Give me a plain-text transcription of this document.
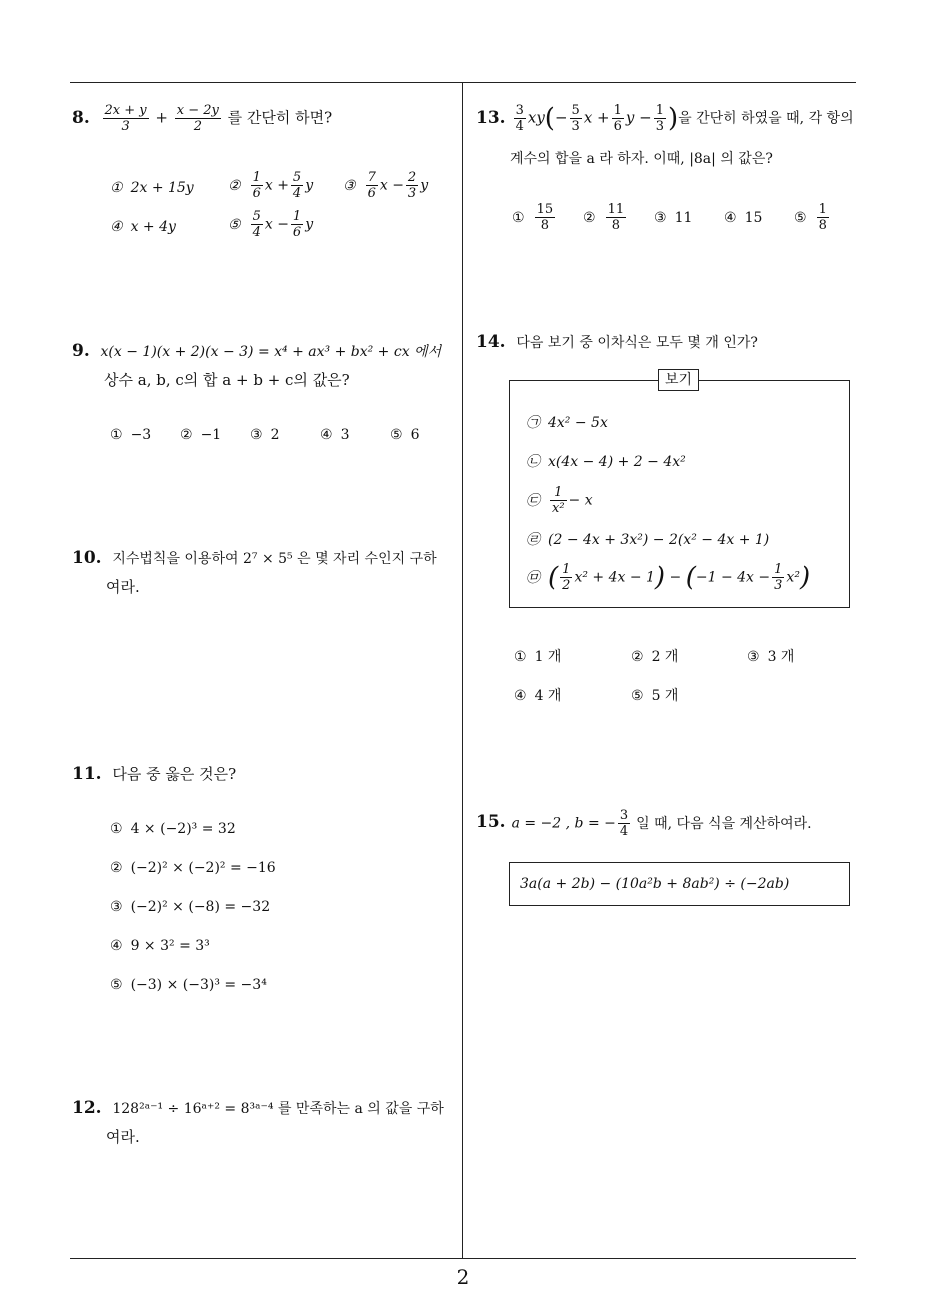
8. $\frac{2x + y}{3} + \frac{x - 2y}{2}$ 를 간단히 하면?
① 2x + 15y ② $\frac{1}{6}$ $x + \frac{5}{4}$ y ③ $\frac{7}{6}$ $x - \frac{2}{3}$ y
④ x + 4y	⑤ $\frac{5}{4}$ $x - \frac{1}{6}$ y
9. x(x − 1)(x + 2)(x − 3) = x⁴ + ax³ + bx² + cx 에서
상수 a, b, c의 합 a + b + c의 값은?
① −3 ② −1 ③ 2	④ 3	⑤ 6
10. 지수법칙을 이용하여 2⁷ × 5⁵ 은 몇 자리 수인지 구하
여라.
11. 다음 중 옳은 것은?
① 4 × (−2)³ = 32
② (−2)² × (−2)² = −16
③ (−2)² × (−8) = −32
④ 9 × 3² = 3³
⑤ (−3) × (−3)³ = −3⁴
12. 128²ᵃ⁻¹ ÷ 16ᵃ⁺² = 8³ᵃ⁻⁴ 를 만족하는 a 의 값을 구하
여라.
13. $\frac{3}{4} xy(- \frac{5}{3}$ $x + \frac{1}{6}$ $y - \frac{1}{3}$ )을 간단히 하였을 때, 각 항의
계수의 합을 a 라 하자. 이때, |8a| 의 값은?
① $\frac{15}{8}$ ② $\frac{11}{8}$ ③ 11 ④ 15 ⑤ $\frac{1}{8}$
14. 다음 보기 중 이차식은 모두 몇 개 인가?
보기
㉠ 4x² − 5x
㉡ x(4x − 4) + 2 − 4x²
㉢ $\frac{1}{\text{x²}} - x$
㉣ (2 − 4x + 3x²) − 2(x² − 4x + 1)
㉤ ( $\frac{1}{2} x^2 + 4x - 1) - (-1 - 4x - \frac{1}{3} x^2)$
① 1 개	② 2 개	③ 3 개
④ 4 개	⑤ 5 개
15. a = −2 , b = − $\frac{3}{4}$ 일 때, 다음 식을 계산하여라.
3a(a + 2b) − (10a²b + 8ab²) ÷ (−2ab)
2
